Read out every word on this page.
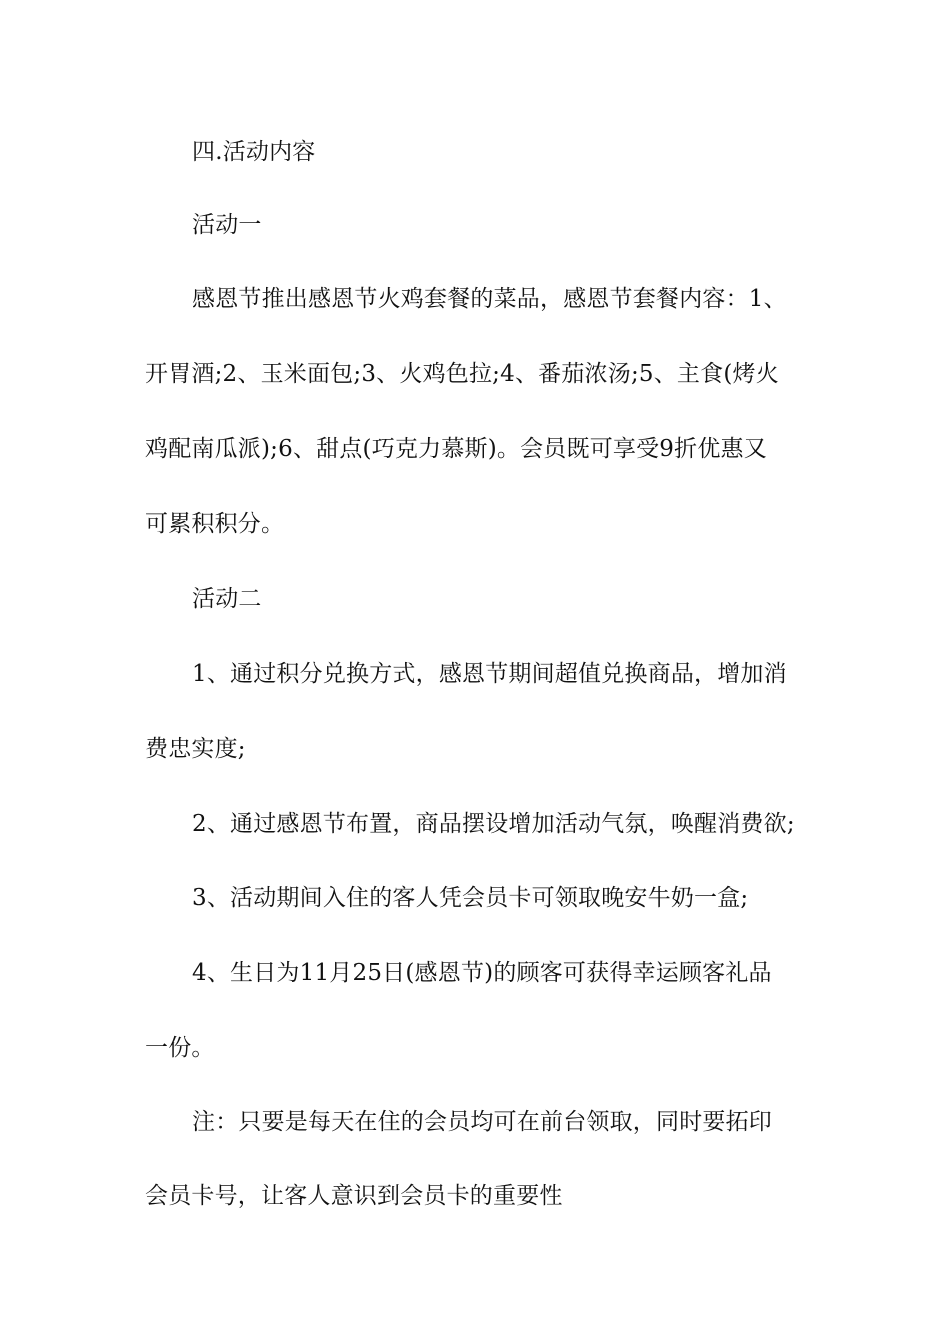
四.活动内容

活动一

感恩节推出感恩节火鸡套餐的菜品，感恩节套餐内容：1、

开胃酒;2、玉米面包;3、火鸡色拉;4、番茄浓汤;5、主食(烤火

鸡配南瓜派);6、甜点(巧克力慕斯)。会员既可享受9折优惠又

可累积积分。

活动二

1、通过积分兑换方式，感恩节期间超值兑换商品，增加消

费忠实度;

2、通过感恩节布置，商品摆设增加活动气氛，唤醒消费欲;

3、活动期间入住的客人凭会员卡可领取晚安牛奶一盒;

4、生日为11月25日(感恩节)的顾客可获得幸运顾客礼品

一份。

注：只要是每天在住的会员均可在前台领取，同时要拓印

会员卡号，让客人意识到会员卡的重要性
